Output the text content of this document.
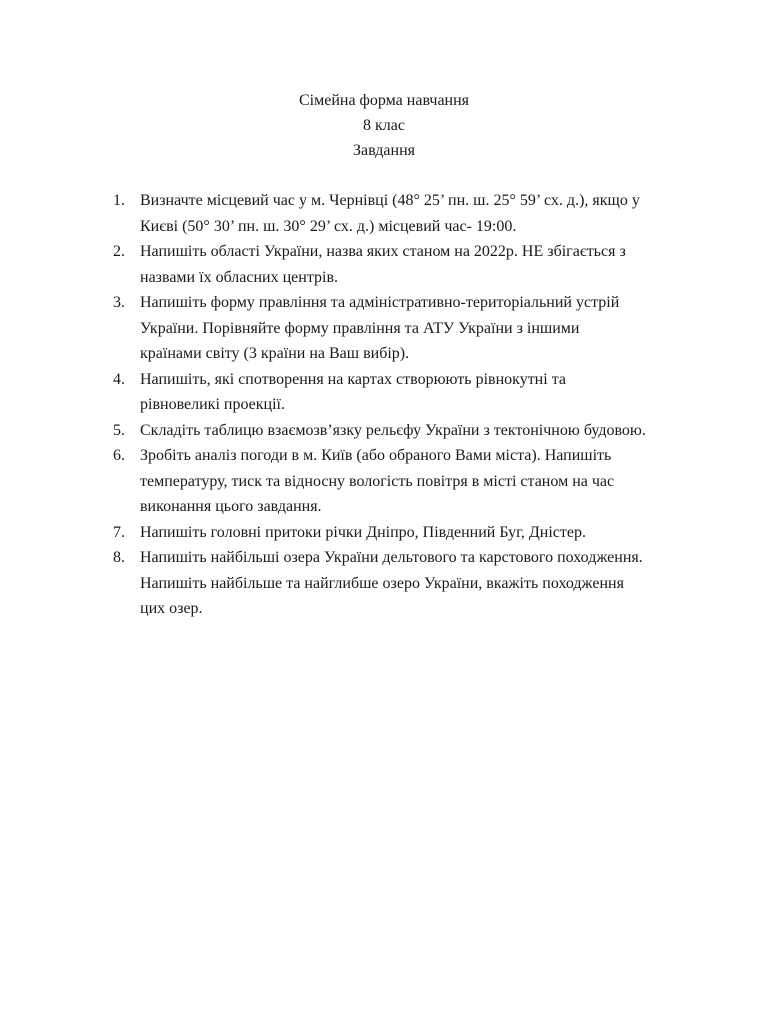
Сімейна форма навчання
8 клас
Завдання
1. Визначте місцевий час у м. Чернівці (48° 25’ пн. ш. 25° 59’ сх. д.), якщо у
Києві (50° 30’ пн. ш. 30° 29’ сх. д.) місцевий час- 19:00.
2. Напишіть області України, назва яких станом на 2022р. НЕ збігається з
назвами їх обласних центрів.
3. Напишіть форму правління та адміністративно-територіальний устрій
України. Порівняйте форму правління та АТУ України з іншими
країнами світу (3 країни на Ваш вибір).
4. Напишіть, які спотворення на картах створюють рівнокутні та
рівновеликі проекції.
5. Складіть таблицю взаємозв’язку рельєфу України з тектонічною будовою.
6. Зробіть аналіз погоди в м. Київ (або обраного Вами міста). Напишіть
температуру, тиск та відносну вологість повітря в місті станом на час
виконання цього завдання.
7. Напишіть головні притоки річки Дніпро, Південний Буг, Дністер.
8. Напишіть найбільші озера України дельтового та карстового походження.
Напишіть найбільше та найглибше озеро України, вкажіть походження
цих озер.
